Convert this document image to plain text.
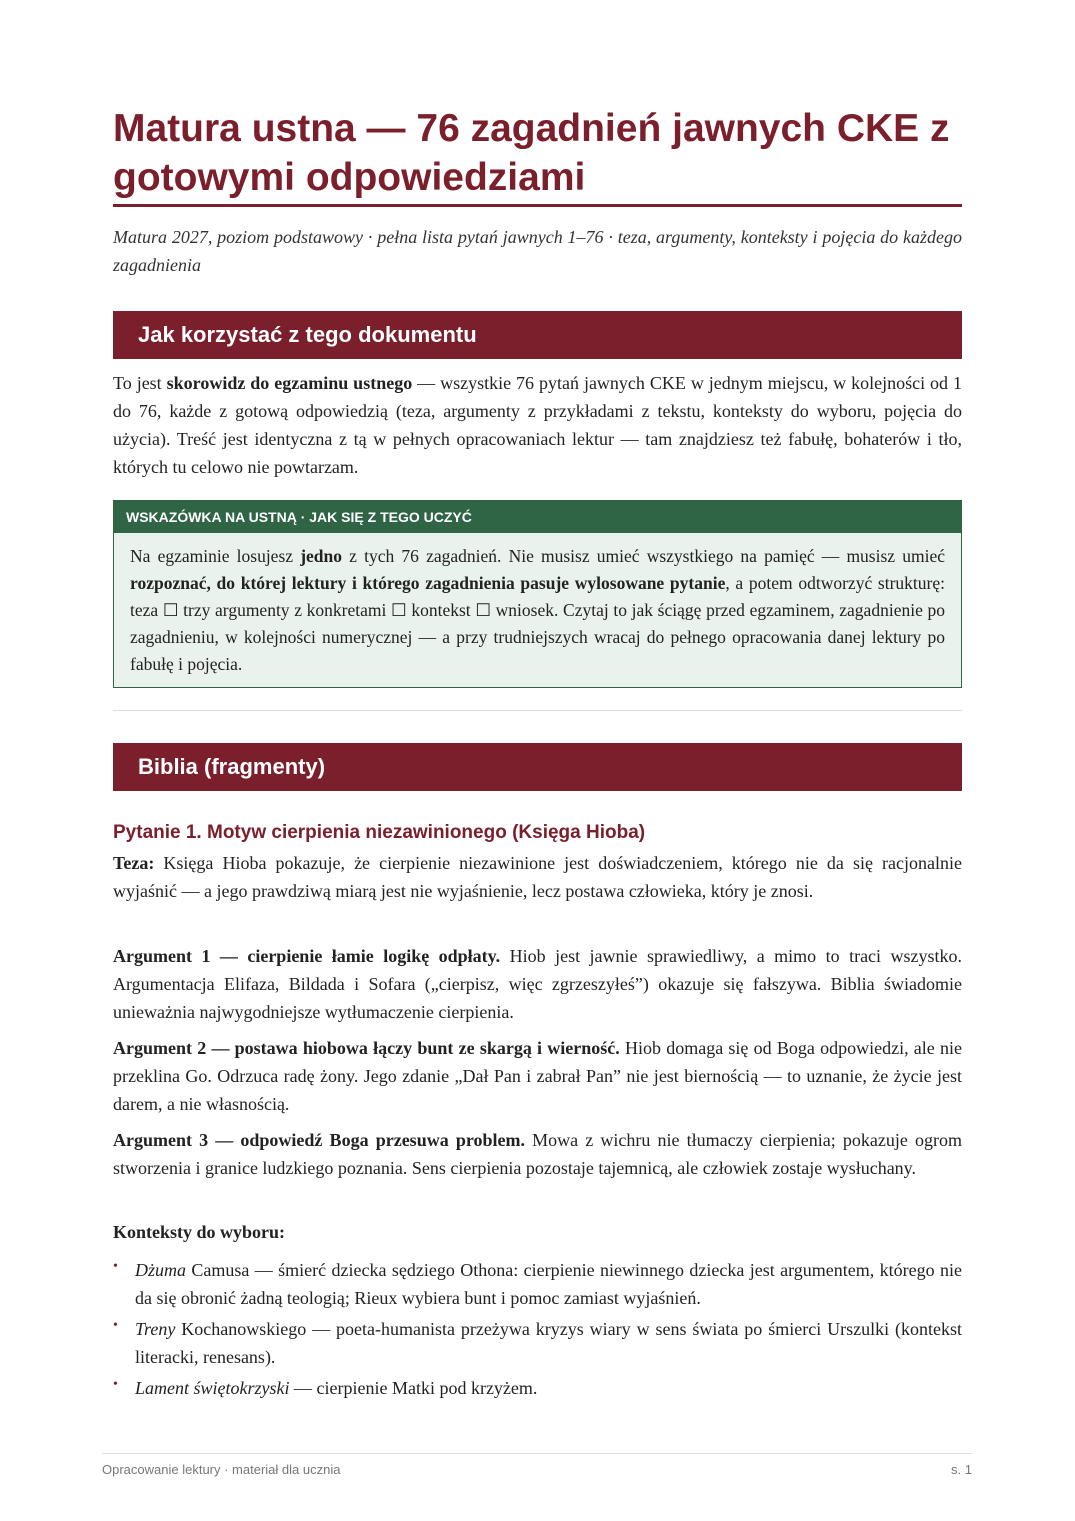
Matura ustna — 76 zagadnień jawnych CKE z gotowymi odpowiedziami

Matura 2027, poziom podstawowy · pełna lista pytań jawnych 1–76 · teza, argumenty, konteksty i pojęcia do każdego zagadnienia

Jak korzystać z tego dokumentu

To jest skorowidz do egzaminu ustnego — wszystkie 76 pytań jawnych CKE w jednym miejscu, w kolejności od 1 do 76, każde z gotową odpowiedzią (teza, argumenty z przykładami z tekstu, konteksty do wyboru, pojęcia do użycia). Treść jest identyczna z tą w pełnych opracowaniach lektur — tam znajdziesz też fabułę, bohaterów i tło, których tu celowo nie powtarzam.

WSKAZÓWKA NA USTNĄ · JAK SIĘ Z TEGO UCZYĆ

Na egzaminie losujesz jedno z tych 76 zagadnień. Nie musisz umieć wszystkiego na pamięć — musisz umieć rozpoznać, do której lektury i którego zagadnienia pasuje wylosowane pytanie, a potem odtworzyć strukturę: teza ☐ trzy argumenty z konkretami ☐ kontekst ☐ wniosek. Czytaj to jak ściągę przed egzaminem, zagadnienie po zagadnieniu, w kolejności numerycznej — a przy trudniejszych wracaj do pełnego opracowania danej lektury po fabułę i pojęcia.

Biblia (fragmenty)
Pytanie 1. Motyw cierpienia niezawinionego (Księga Hioba)

Teza: Księga Hioba pokazuje, że cierpienie niezawinione jest doświadczeniem, którego nie da się racjonalnie wyjaśnić — a jego prawdziwą miarą jest nie wyjaśnienie, lecz postawa człowieka, który je znosi.

Argument 1 — cierpienie łamie logikę odpłaty. Hiob jest jawnie sprawiedliwy, a mimo to traci wszystko. Argumentacja Elifaza, Bildada i Sofara („cierpisz, więc zgrzeszyłeś”) okazuje się fałszywa. Biblia świadomie unieważnia najwygodniejsze wytłumaczenie cierpienia.

Argument 2 — postawa hiobowa łączy bunt ze skargą i wierność. Hiob domaga się od Boga odpowiedzi, ale nie przeklina Go. Odrzuca radę żony. Jego zdanie „Dał Pan i zabrał Pan” nie jest biernością — to uznanie, że życie jest darem, a nie własnością.

Argument 3 — odpowiedź Boga przesuwa problem. Mowa z wichru nie tłumaczy cierpienia; pokazuje ogrom stworzenia i granice ludzkiego poznania. Sens cierpienia pozostaje tajemnicą, ale człowiek zostaje wysłuchany.

Konteksty do wyboru:

• Dżuma Camusa — śmierć dziecka sędziego Othona: cierpienie niewinnego dziecka jest argumentem, którego nie da się obronić żadną teologią; Rieux wybiera bunt i pomoc zamiast wyjaśnień.
• Treny Kochanowskiego — poeta-humanista przeżywa kryzys wiary w sens świata po śmierci Urszulki (kontekst literacki, renesans).
• Lament świętokrzyski — cierpienie Matki pod krzyżem.
Opracowanie lektury · materiał dla ucznia	s. 1
